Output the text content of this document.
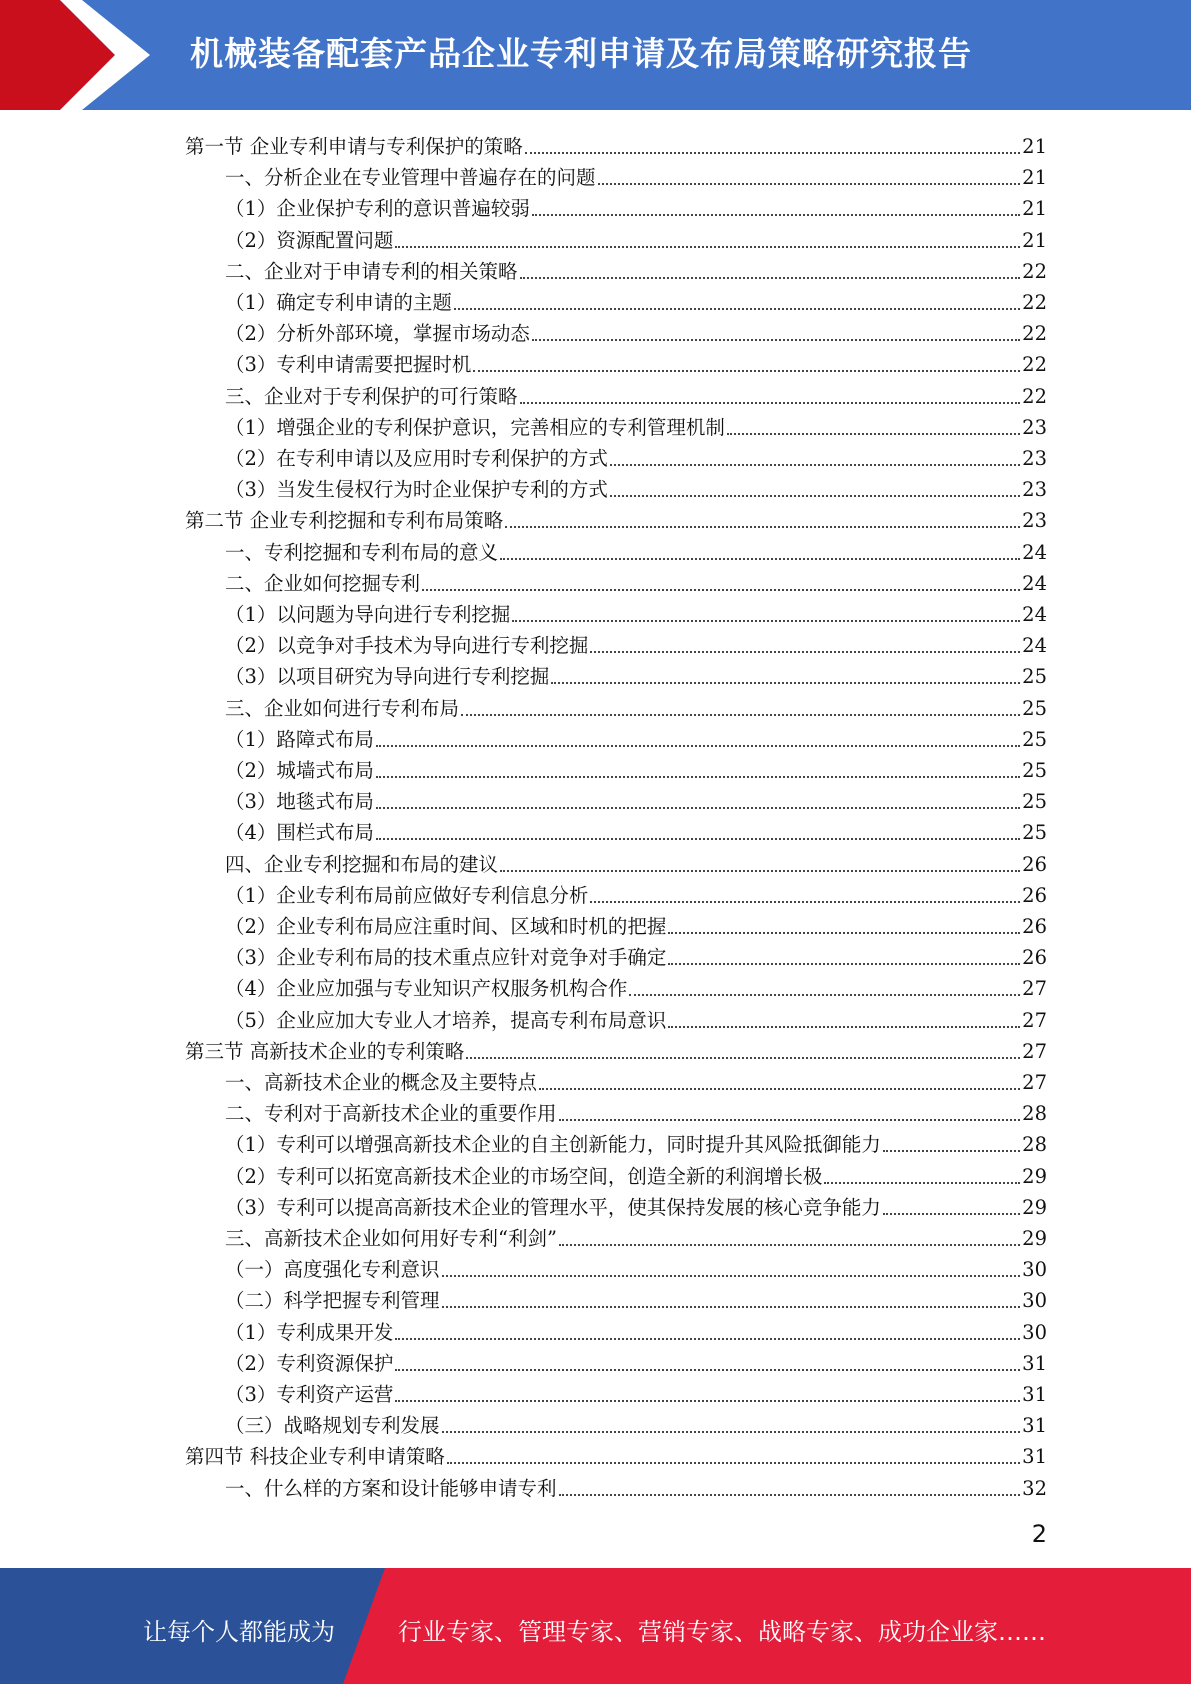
机械装备配套产品企业专利申请及布局策略研究报告
第一节 企业专利申请与专利保护的策略	21
一、分析企业在专业管理中普遍存在的问题	21
（1）企业保护专利的意识普遍较弱	21
（2）资源配置问题	21
二、企业对于申请专利的相关策略	22
（1）确定专利申请的主题	22
（2）分析外部环境，掌握市场动态	22
（3）专利申请需要把握时机	22
三、企业对于专利保护的可行策略	22
（1）增强企业的专利保护意识，完善相应的专利管理机制	23
（2）在专利申请以及应用时专利保护的方式	23
（3）当发生侵权行为时企业保护专利的方式	23
第二节 企业专利挖掘和专利布局策略	23
一、专利挖掘和专利布局的意义	24
二、企业如何挖掘专利	24
（1）以问题为导向进行专利挖掘	24
（2）以竞争对手技术为导向进行专利挖掘	24
（3）以项目研究为导向进行专利挖掘	25
三、企业如何进行专利布局	25
（1）路障式布局	25
（2）城墙式布局	25
（3）地毯式布局	25
（4）围栏式布局	25
四、企业专利挖掘和布局的建议	26
（1）企业专利布局前应做好专利信息分析	26
（2）企业专利布局应注重时间、区域和时机的把握	26
（3）企业专利布局的技术重点应针对竞争对手确定	26
（4）企业应加强与专业知识产权服务机构合作	27
（5）企业应加大专业人才培养，提高专利布局意识	27
第三节 高新技术企业的专利策略	27
一、高新技术企业的概念及主要特点	27
二、专利对于高新技术企业的重要作用	28
（1）专利可以增强高新技术企业的自主创新能力，同时提升其风险抵御能力	28
（2）专利可以拓宽高新技术企业的市场空间，创造全新的利润增长极	29
（3）专利可以提高高新技术企业的管理水平，使其保持发展的核心竞争能力	29
三、高新技术企业如何用好专利“利剑”	29
（一）高度强化专利意识	30
（二）科学把握专利管理	30
（1）专利成果开发	30
（2）专利资源保护	31
（3）专利资产运营	31
（三）战略规划专利发展	31
第四节 科技企业专利申请策略	31
一、什么样的方案和设计能够申请专利	32
2
让每个人都能成为	行业专家、管理专家、营销专家、战略专家、成功企业家……
